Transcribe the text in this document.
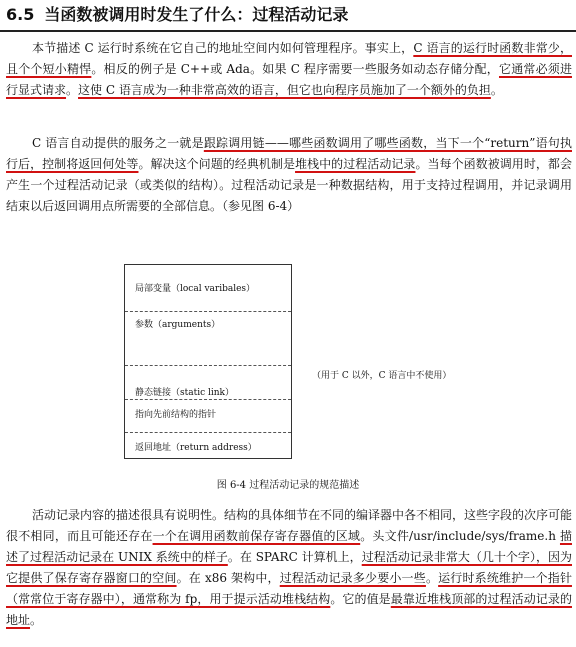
6.5 当函数被调用时发生了什么：过程活动记录
本节描述 C 运行时系统在它自己的地址空间内如何管理程序。事实上，C 语言的运行时函数非常少，且个个短小精悍。相反的例子是 C++或 Ada。如果 C 程序需要一些服务如动态存储分配，它通常必须进行显式请求。这使 C 语言成为一种非常高效的语言，但它也向程序员施加了一个额外的负担。
C 语言自动提供的服务之一就是跟踪调用链——哪些函数调用了哪些函数，当下一个“return”语句执行后，控制将返回何处等。解决这个问题的经典机制是堆栈中的过程活动记录。当每个函数被调用时，都会产生一个过程活动记录（或类似的结构）。过程活动记录是一种数据结构，用于支持过程调用，并记录调用结束以后返回调用点所需要的全部信息。（参见图 6-4）
局部变量（local varibales）
参数（arguments）
静态链接（static link）
指向先前结构的指针
返回地址（return address）
（用于 C 以外，C 语言中不使用）
图 6-4 过程活动记录的规范描述
活动记录内容的描述很具有说明性。结构的具体细节在不同的编译器中各不相同，这些字段的次序可能很不相同，而且可能还存在一个在调用函数前保存寄存器值的区域。头文件/usr/include/sys/frame.h 描述了过程活动记录在 UNIX 系统中的样子。在 SPARC 计算机上，过程活动记录非常大（几十个字），因为它提供了保存寄存器窗口的空间。在 x86 架构中，过程活动记录多少要小一些。运行时系统维护一个指针（常常位于寄存器中），通常称为 fp，用于提示活动堆栈结构。它的值是最靠近堆栈顶部的过程活动记录的地址。
